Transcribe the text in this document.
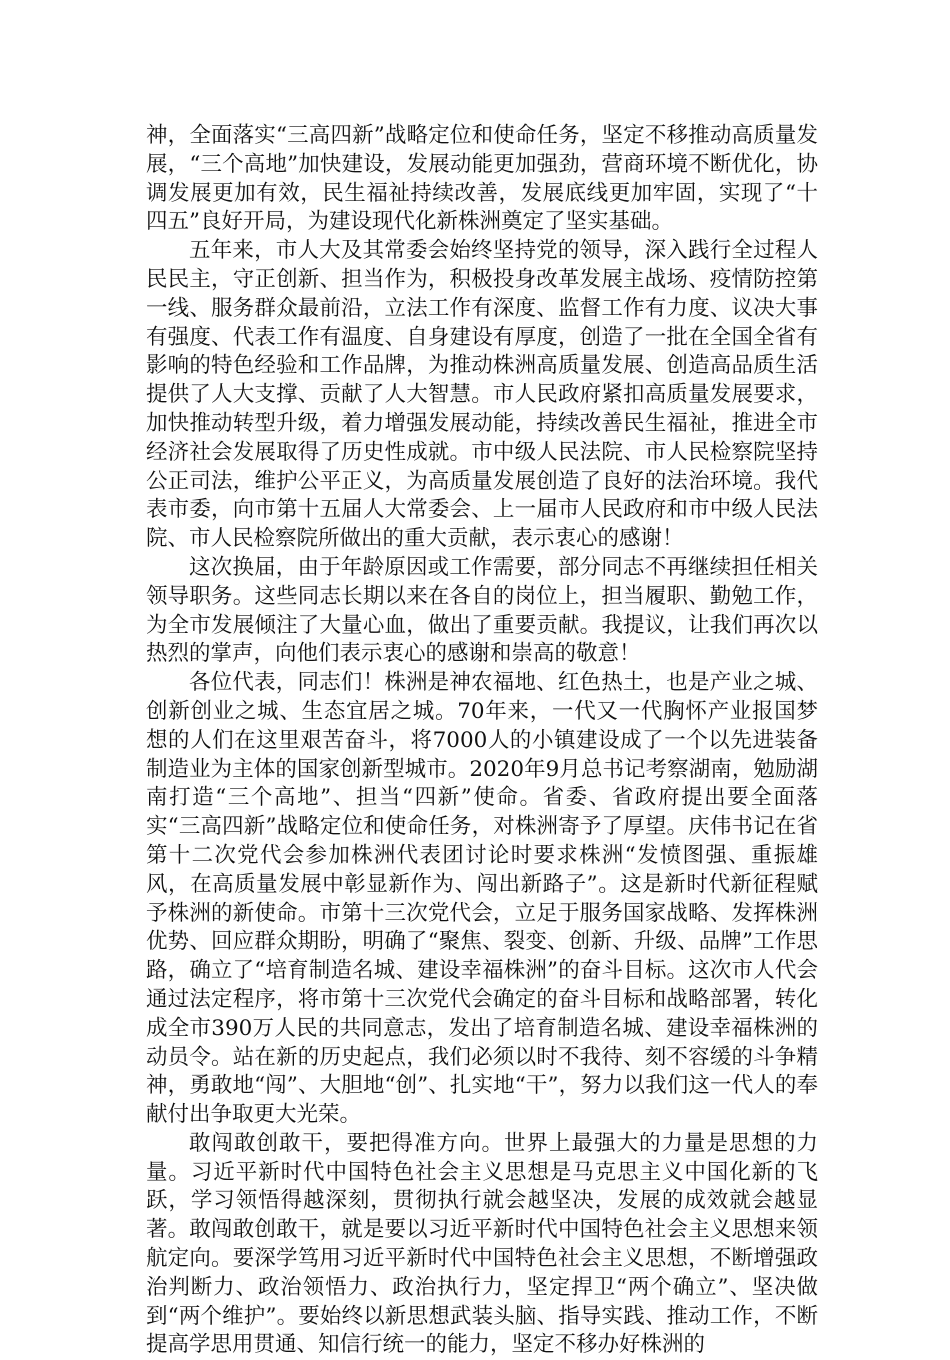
神，全面落实“三高四新”战略定位和使命任务，坚定不移推动高质量发展，“三个高地”加快建设，发展动能更加强劲，营商环境不断优化，协调发展更加有效，民生福祉持续改善，发展底线更加牢固，实现了“十四五”良好开局，为建设现代化新株洲奠定了坚实基础。

五年来，市人大及其常委会始终坚持党的领导，深入践行全过程人民民主，守正创新、担当作为，积极投身改革发展主战场、疫情防控第一线、服务群众最前沿，立法工作有深度、监督工作有力度、议决大事有强度、代表工作有温度、自身建设有厚度，创造了一批在全国全省有影响的特色经验和工作品牌，为推动株洲高质量发展、创造高品质生活提供了人大支撑、贡献了人大智慧。市人民政府紧扣高质量发展要求，加快推动转型升级，着力增强发展动能，持续改善民生福祉，推进全市经济社会发展取得了历史性成就。市中级人民法院、市人民检察院坚持公正司法，维护公平正义，为高质量发展创造了良好的法治环境。我代表市委，向市第十五届人大常委会、上一届市人民政府和市中级人民法院、市人民检察院所做出的重大贡献，表示衷心的感谢！

这次换届，由于年龄原因或工作需要，部分同志不再继续担任相关领导职务。这些同志长期以来在各自的岗位上，担当履职、勤勉工作，为全市发展倾注了大量心血，做出了重要贡献。我提议，让我们再次以热烈的掌声，向他们表示衷心的感谢和崇高的敬意！

各位代表，同志们！株洲是神农福地、红色热土，也是产业之城、创新创业之城、生态宜居之城。70年来，一代又一代胸怀产业报国梦想的人们在这里艰苦奋斗，将7000人的小镇建设成了一个以先进装备制造业为主体的国家创新型城市。2020年9月总书记考察湖南，勉励湖南打造“三个高地”、担当“四新”使命。省委、省政府提出要全面落实“三高四新”战略定位和使命任务，对株洲寄予了厚望。庆伟书记在省第十二次党代会参加株洲代表团讨论时要求株洲“发愤图强、重振雄风，在高质量发展中彰显新作为、闯出新路子”。这是新时代新征程赋予株洲的新使命。市第十三次党代会，立足于服务国家战略、发挥株洲优势、回应群众期盼，明确了“聚焦、裂变、创新、升级、品牌”工作思路，确立了“培育制造名城、建设幸福株洲”的奋斗目标。这次市人代会通过法定程序，将市第十三次党代会确定的奋斗目标和战略部署，转化成全市390万人民的共同意志，发出了培育制造名城、建设幸福株洲的动员令。站在新的历史起点，我们必须以时不我待、刻不容缓的斗争精神，勇敢地“闯”、大胆地“创”、扎实地“干”，努力以我们这一代人的奉献付出争取更大光荣。

敢闯敢创敢干，要把得准方向。世界上最强大的力量是思想的力量。习近平新时代中国特色社会主义思想是马克思主义中国化新的飞跃，学习领悟得越深刻，贯彻执行就会越坚决，发展的成效就会越显著。敢闯敢创敢干，就是要以习近平新时代中国特色社会主义思想来领航定向。要深学笃用习近平新时代中国特色社会主义思想，不断增强政治判断力、政治领悟力、政治执行力，坚定捍卫“两个确立”、坚决做到“两个维护”。要始终以新思想武装头脑、指导实践、推动工作，不断提高学思用贯通、知信行统一的能力，坚定不移办好株洲的
